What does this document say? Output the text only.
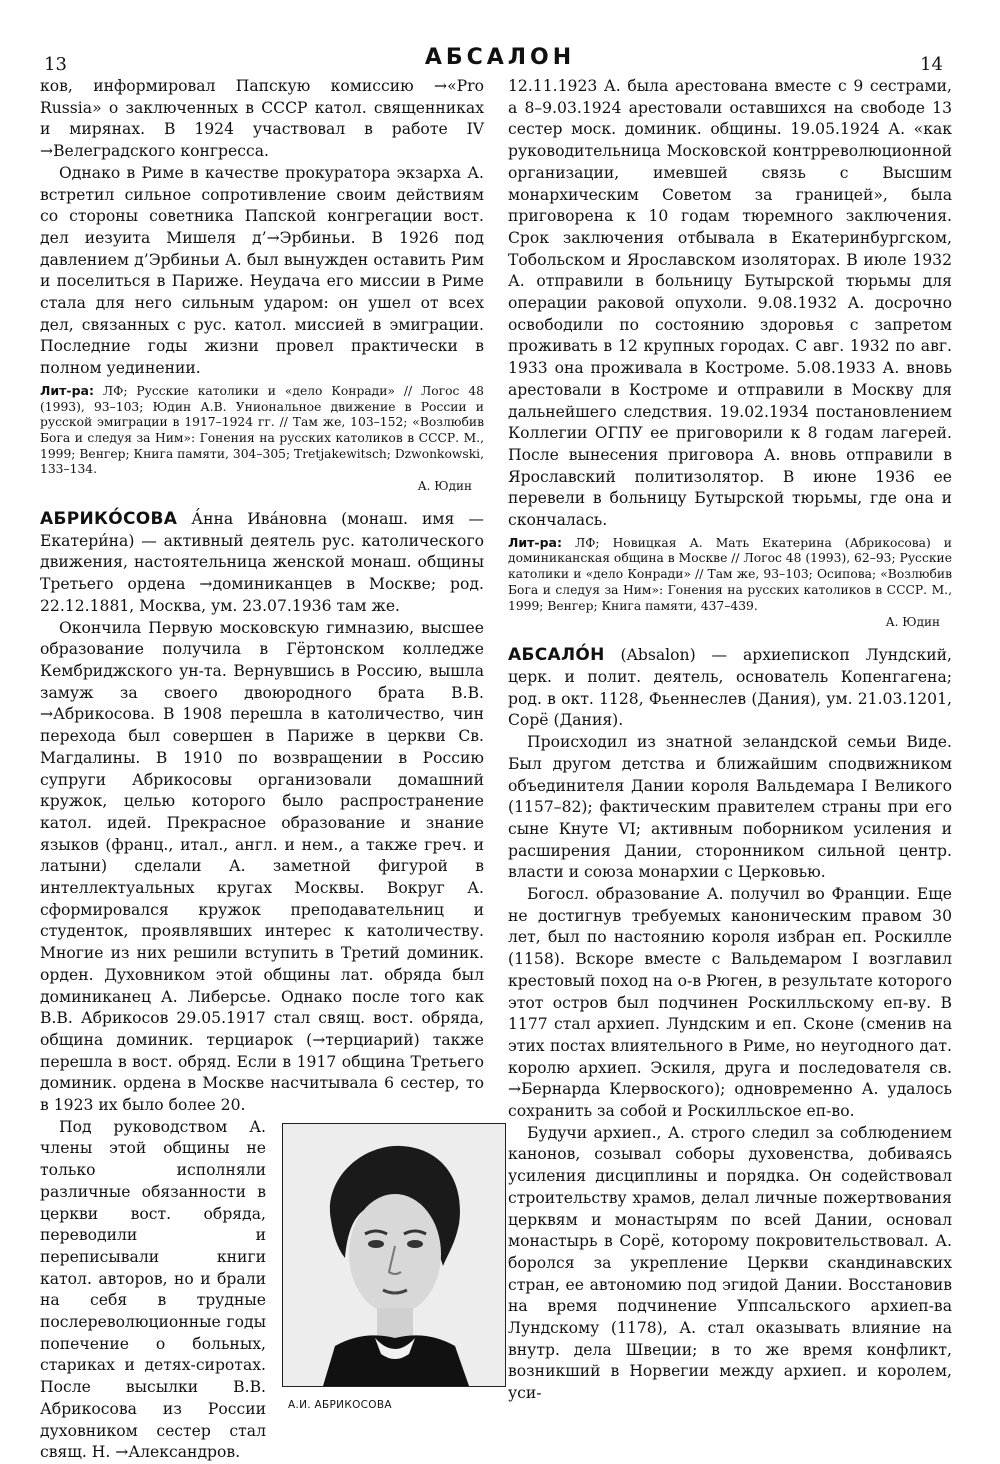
13	АБСАЛОН	14

ков, информировал Папскую комиссию →«Pro Russia» о заключенных в СССР катол. священниках и мирянах. В 1924 участвовал в работе IV →Велеградского конгресса.

Однако в Риме в качестве прокуратора экзарха А. встретил сильное сопротивление своим действиям со стороны советника Папской конгрегации вост. дел иезуита Мишеля д’→Эрбиньи. В 1926 под давлением д’Эрбиньи А. был вынужден оставить Рим и поселиться в Париже. Неудача его миссии в Риме стала для него сильным ударом: он ушел от всех дел, связанных с рус. катол. миссией в эмиграции. Последние годы жизни провел практически в полном уединении.

Лит-ра: ЛФ; Русские католики и «дело Конради» // Логос 48 (1993), 93–103; Юдин А.В. Униональное движение в России и русской эмиграции в 1917–1924 гг. // Там же, 103–152; «Возлюбив Бога и следуя за Ним»: Гонения на русских католиков в СССР. М., 1999; Венгер; Книга памяти, 304–305; Tretjakewitsch; Dzwonkowski, 133–134.

А. Юдин

АБРИКО́СОВА А́нна Ива́новна (монаш. имя — Екатери́на) — активный деятель рус. католического движения, настоятельница женской монаш. общины Третьего ордена →доминиканцев в Москве; род. 22.12.1881, Москва, ум. 23.07.1936 там же.

Окончила Первую московскую гимназию, высшее образование получила в Гёртонском колледже Кембриджского ун-та. Вернувшись в Россию, вышла замуж за своего двоюродного брата В.В. →Абрикосова. В 1908 перешла в католичество, чин перехода был совершен в Париже в церкви Св. Магдалины. В 1910 по возвращении в Россию супруги Абрикосовы организовали домашний кружок, целью которого было распространение катол. идей. Прекрасное образование и знание языков (франц., итал., англ. и нем., а также греч. и латыни) сделали А. заметной фигурой в интеллектуальных кругах Москвы. Вокруг А. сформировался кружок преподавательниц и студенток, проявлявших интерес к католичеству. Многие из них решили вступить в Третий доминик. орден. Духовником этой общины лат. обряда был доминиканец А. Либерсье. Однако после того как В.В. Абрикосов 29.05.1917 стал свящ. вост. обряда, община доминик. терциарок (→терциарий) также перешла в вост. обряд. Если в 1917 община Третьего доминик. ордена в Москве насчитывала 6 сестер, то в 1923 их было более 20.

Под руководством А. члены этой общины не только исполняли различные обязанности в церкви вост. обряда, переводили и переписывали книги катол. авторов, но и брали на себя в трудные послереволюционные годы попечение о больных, стариках и детях-сиротах. После высылки В.В. Абрикосова из России духовником сестер стал свящ. Н. →Александров.

А.И. АБРИКОСОВА

12.11.1923 А. была арестована вместе с 9 сестрами, а 8–9.03.1924 арестовали оставшихся на свободе 13 сестер моск. доминик. общины. 19.05.1924 А. «как руководительница Московской контрреволюционной организации, имевшей связь с Высшим монархическим Советом за границей», была приговорена к 10 годам тюремного заключения. Срок заключения отбывала в Екатеринбургском, Тобольском и Ярославском изоляторах. В июле 1932 А. отправили в больницу Бутырской тюрьмы для операции раковой опухоли. 9.08.1932 А. досрочно освободили по состоянию здоровья с запретом проживать в 12 крупных городах. С авг. 1932 по авг. 1933 она проживала в Костроме. 5.08.1933 А. вновь арестовали в Костроме и отправили в Москву для дальнейшего следствия. 19.02.1934 постановлением Коллегии ОГПУ ее приговорили к 8 годам лагерей. После вынесения приговора А. вновь отправили в Ярославский политизолятор. В июне 1936 ее перевели в больницу Бутырской тюрьмы, где она и скончалась.

Лит-ра: ЛФ; Новицкая А. Мать Екатерина (Абрикосова) и доминиканская община в Москве // Логос 48 (1993), 62–93; Русские католики и «дело Конради» // Там же, 93–103; Осипова; «Возлюбив Бога и следуя за Ним»: Гонения на русских католиков в СССР. М., 1999; Венгер; Книга памяти, 437–439.

А. Юдин

АБСАЛО́Н (Absalon) — архиепископ Лундский, церк. и полит. деятель, основатель Копенгагена; род. в окт. 1128, Фьеннеслев (Дания), ум. 21.03.1201, Сорё (Дания).

Происходил из знатной зеландской семьи Виде. Был другом детства и ближайшим сподвижником объединителя Дании короля Вальдемара I Великого (1157–82); фактическим правителем страны при его сыне Кнуте VI; активным поборником усиления и расширения Дании, сторонником сильной центр. власти и союза монархии с Церковью.

Богосл. образование А. получил во Франции. Еще не достигнув требуемых каноническим правом 30 лет, был по настоянию короля избран еп. Роскилле (1158). Вскоре вместе с Вальдемаром I возглавил крестовый поход на о-в Рюген, в результате которого этот остров был подчинен Роскилльскому еп-ву. В 1177 стал архиеп. Лундским и еп. Сконе (сменив на этих постах влиятельного в Риме, но неугодного дат. королю архиеп. Эскиля, друга и последователя св. →Бернарда Клервоского); одновременно А. удалось сохранить за собой и Роскилльское еп-во.

Будучи архиеп., А. строго следил за соблюдением канонов, созывал соборы духовенства, добиваясь усиления дисциплины и порядка. Он содействовал строительству храмов, делал личные пожертвования церквям и монастырям по всей Дании, основал монастырь в Сорё, которому покровительствовал. А. боролся за укрепление Церкви скандинавских стран, ее автономию под эгидой Дании. Восстановив на время подчинение Уппсальского архиеп-ва Лундскому (1178), А. стал оказывать влияние на внутр. дела Швеции; в то же время конфликт, возникший в Норвегии между архиеп. и королем, уси-
